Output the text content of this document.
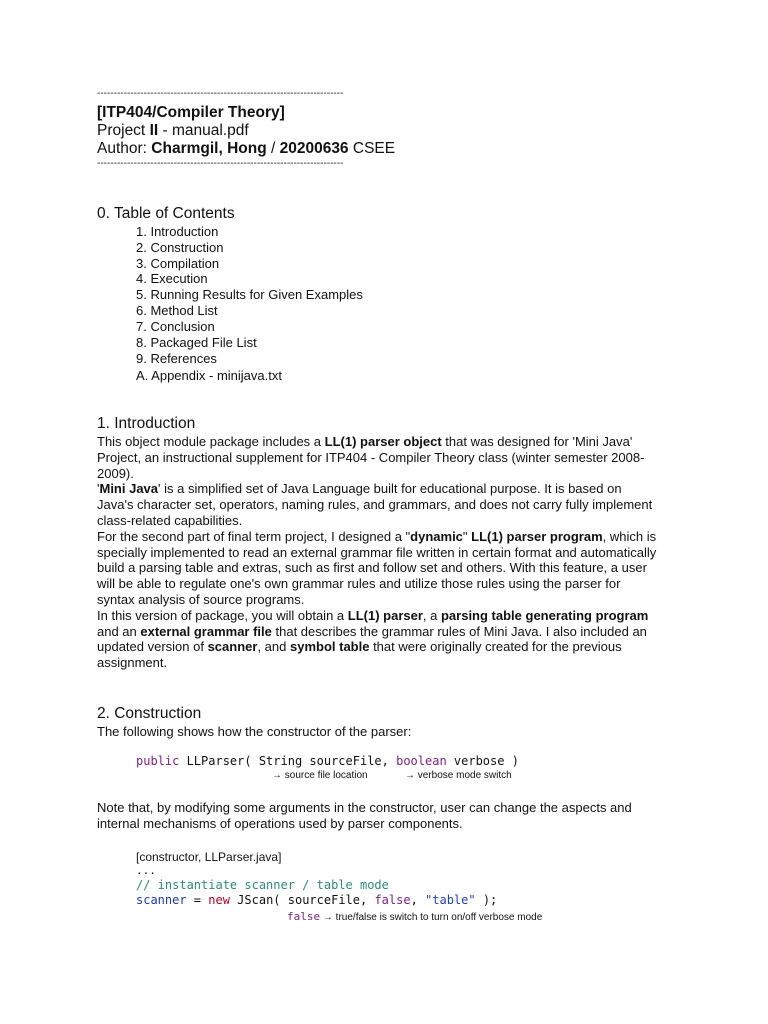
--------------------------------------------------------------------------
[ITP404/Compiler Theory]
Project II - manual.pdf
Author: Charmgil, Hong / 20200636 CSEE
--------------------------------------------------------------------------
0. Table of Contents
1. Introduction
2. Construction
3. Compilation
4. Execution
5. Running Results for Given Examples
6. Method List
7. Conclusion
8. Packaged File List
9. References
A. Appendix - minijava.txt
1. Introduction

This object module package includes a LL(1) parser object that was designed for 'Mini Java' Project, an instructional supplement for ITP404 - Compiler Theory class (winter semester 2008-2009).

'Mini Java' is a simplified set of Java Language built for educational purpose. It is based on Java's character set, operators, naming rules, and grammars, and does not carry fully implement class-related capabilities.

For the second part of final term project, I designed a "dynamic" LL(1) parser program, which is specially implemented to read an external grammar file written in certain format and automatically build a parsing table and extras, such as first and follow set and others. With this feature, a user will be able to regulate one's own grammar rules and utilize those rules using the parser for syntax analysis of source programs.

In this version of package, you will obtain a LL(1) parser, a parsing table generating program and an external grammar file that describes the grammar rules of Mini Java. I also included an updated version of scanner, and symbol table that were originally created for the previous assignment.

2. Construction
The following shows how the constructor of the parser:
public LLParser( String sourceFile, boolean verbose )
→ source file location	→ verbose mode switch

Note that, by modifying some arguments in the constructor, user can change the aspects and internal mechanisms of operations used by parser components.

[constructor, LLParser.java]
...
// instantiate scanner / table mode
scanner = new JScan( sourceFile, false, "table" );
false → true/false is switch to turn on/off verbose mode
